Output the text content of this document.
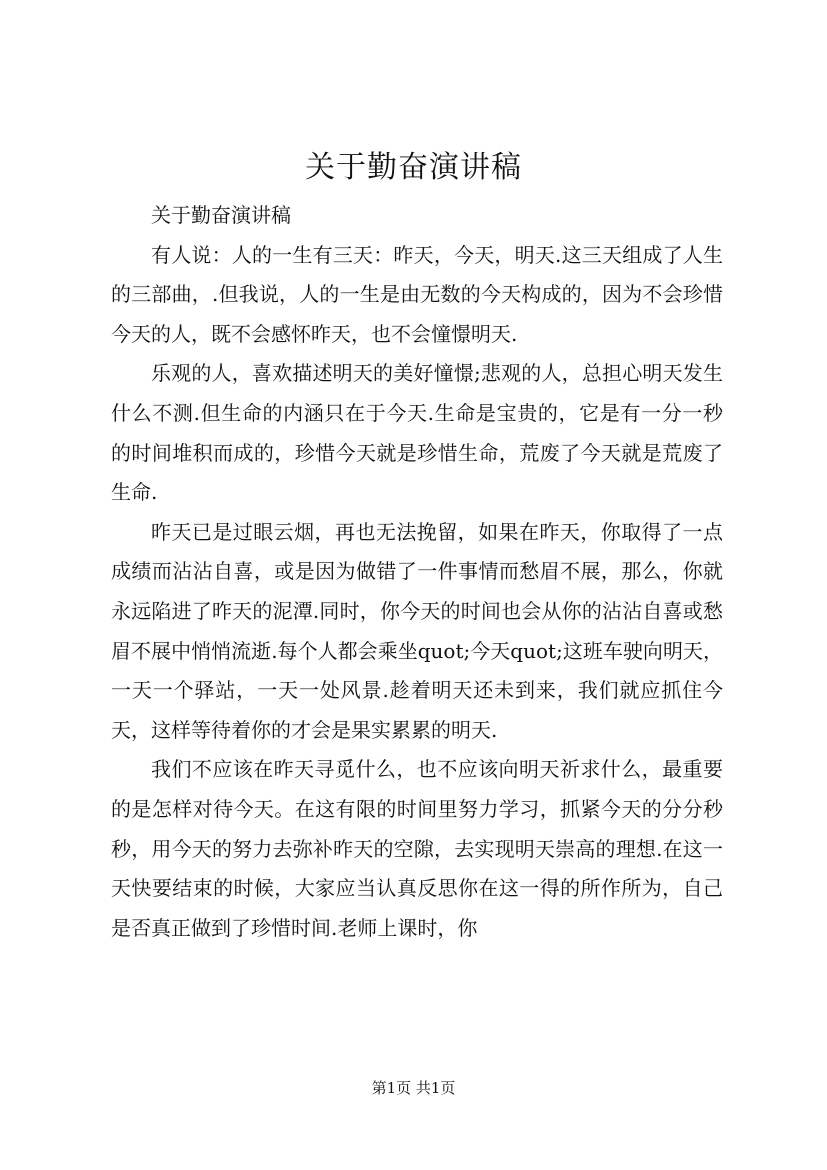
关于勤奋演讲稿

关于勤奋演讲稿

有人说：人的一生有三天：昨天，今天，明天.这三天组成了人生的三部曲，.但我说，人的一生是由无数的今天构成的，因为不会珍惜今天的人，既不会感怀昨天，也不会憧憬明天.

乐观的人，喜欢描述明天的美好憧憬;悲观的人，总担心明天发生什么不测.但生命的内涵只在于今天.生命是宝贵的，它是有一分一秒的时间堆积而成的，珍惜今天就是珍惜生命，荒废了今天就是荒废了生命.

昨天已是过眼云烟，再也无法挽留，如果在昨天，你取得了一点成绩而沾沾自喜，或是因为做错了一件事情而愁眉不展，那么，你就永远陷进了昨天的泥潭.同时，你今天的时间也会从你的沾沾自喜或愁眉不展中悄悄流逝.每个人都会乘坐quot;今天quot;这班车驶向明天，一天一个驿站，一天一处风景.趁着明天还未到来，我们就应抓住今天，这样等待着你的才会是果实累累的明天.

我们不应该在昨天寻觅什么，也不应该向明天祈求什么，最重要的是怎样对待今天。在这有限的时间里努力学习，抓紧今天的分分秒秒，用今天的努力去弥补昨天的空隙，去实现明天崇高的理想.在这一天快要结束的时候，大家应当认真反思你在这一得的所作所为，自己是否真正做到了珍惜时间.老师上课时，你

第1页 共1页
